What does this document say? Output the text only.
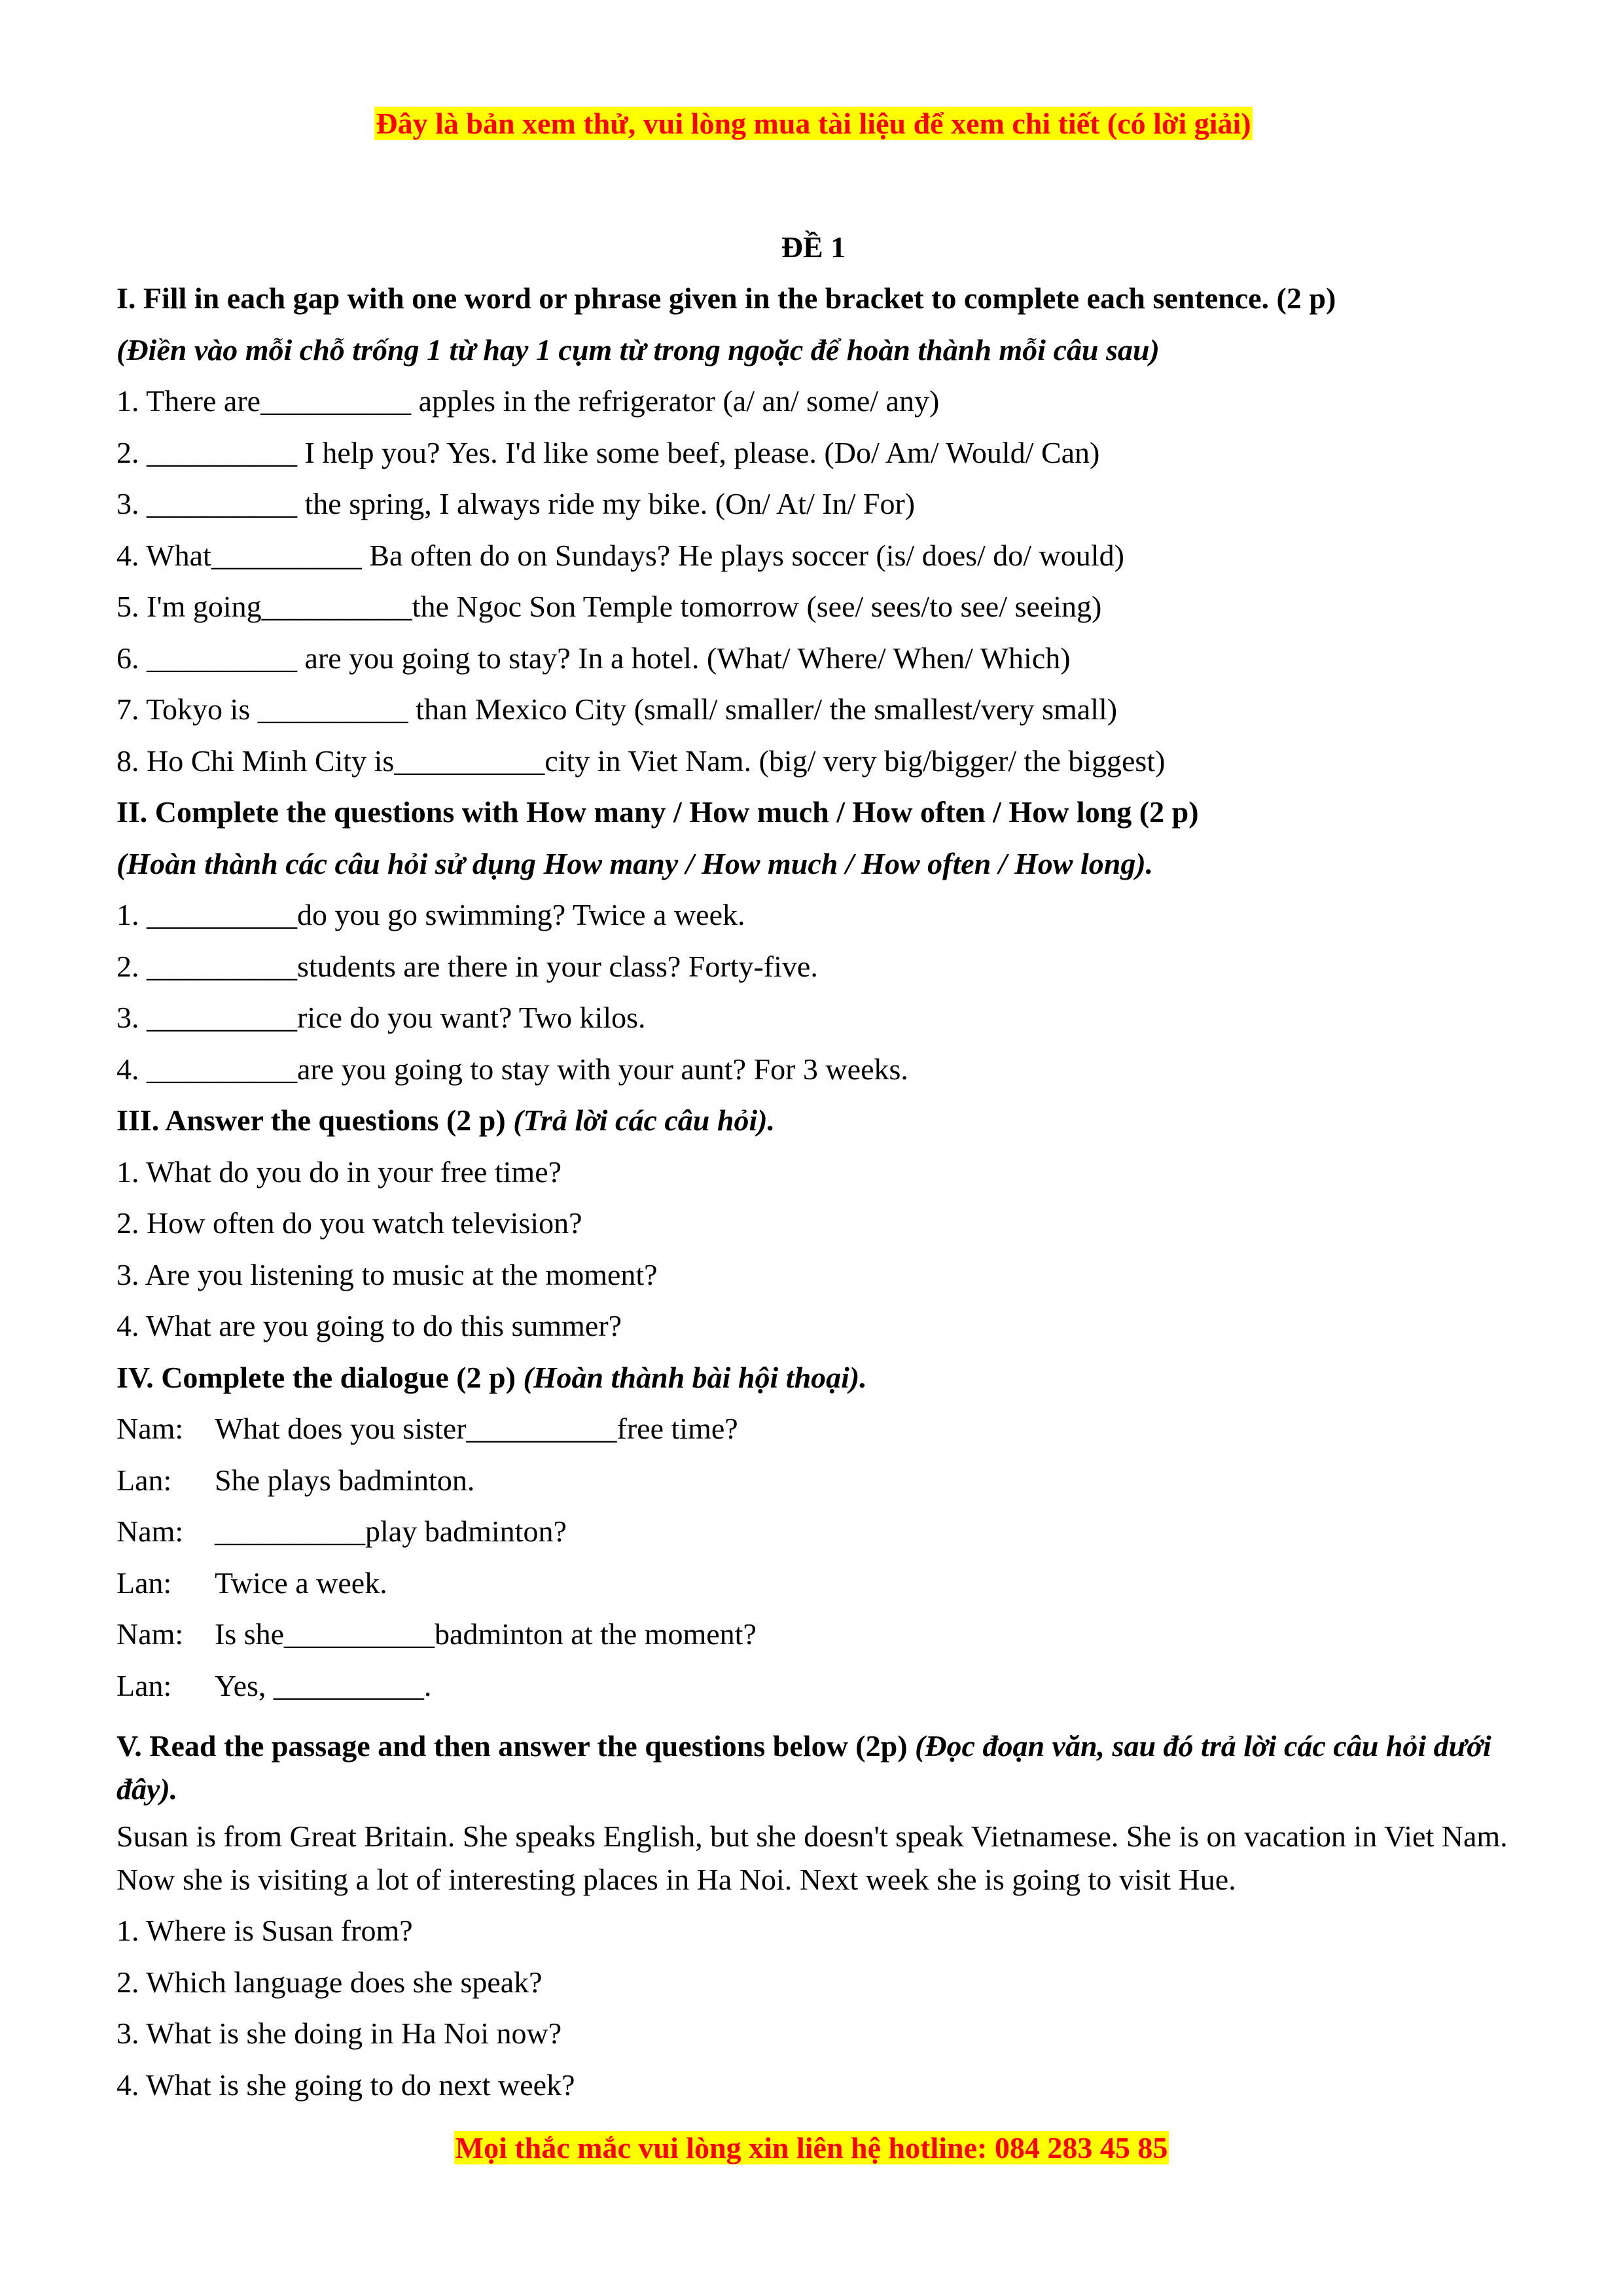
Đây là bản xem thử, vui lòng mua tài liệu để xem chi tiết (có lời giải)
ĐỀ 1
I. Fill in each gap with one word or phrase given in the bracket to complete each sentence. (2 p)
(Điền vào mỗi chỗ trống 1 từ hay 1 cụm từ trong ngoặc để hoàn thành mỗi câu sau)
1. There are__________ apples in the refrigerator (a/ an/ some/ any)
2. __________ I help you? Yes. I'd like some beef, please. (Do/ Am/ Would/ Can)
3. __________ the spring, I always ride my bike. (On/ At/ In/ For)
4. What__________ Ba often do on Sundays? He plays soccer (is/ does/ do/ would)
5. I'm going__________the Ngoc Son Temple tomorrow (see/ sees/to see/ seeing)
6. __________ are you going to stay? In a hotel. (What/ Where/ When/ Which)
7. Tokyo is __________ than Mexico City (small/ smaller/ the smallest/very small)
8. Ho Chi Minh City is__________city in Viet Nam. (big/ very big/bigger/ the biggest)
II. Complete the questions with How many / How much / How often / How long (2 p)
(Hoàn thành các câu hỏi sử dụng How many / How much / How often / How long).
1. __________do you go swimming? Twice a week.
2. __________students are there in your class? Forty-five.
3. __________rice do you want? Two kilos.
4. __________are you going to stay with your aunt? For 3 weeks.
III. Answer the questions (2 p) (Trả lời các câu hỏi).
1. What do you do in your free time?
2. How often do you watch television?
3. Are you listening to music at the moment?
4. What are you going to do this summer?
IV. Complete the dialogue (2 p) (Hoàn thành bài hội thoại).
Nam:	What does you sister__________free time?
Lan:	She plays badminton.
Nam:	__________play badminton?
Lan:	Twice a week.
Nam:	Is she__________badminton at the moment?
Lan:	Yes, __________.
V. Read the passage and then answer the questions below (2p) (Đọc đoạn văn, sau đó trả lời các câu hỏi dưới đây).
Susan is from Great Britain. She speaks English, but she doesn't speak Vietnamese. She is on vacation in Viet Nam. Now she is visiting a lot of interesting places in Ha Noi. Next week she is going to visit Hue.
1. Where is Susan from?
2. Which language does she speak?
3. What is she doing in Ha Noi now?
4. What is she going to do next week?
Mọi thắc mắc vui lòng xin liên hệ hotline: 084 283 45 85
